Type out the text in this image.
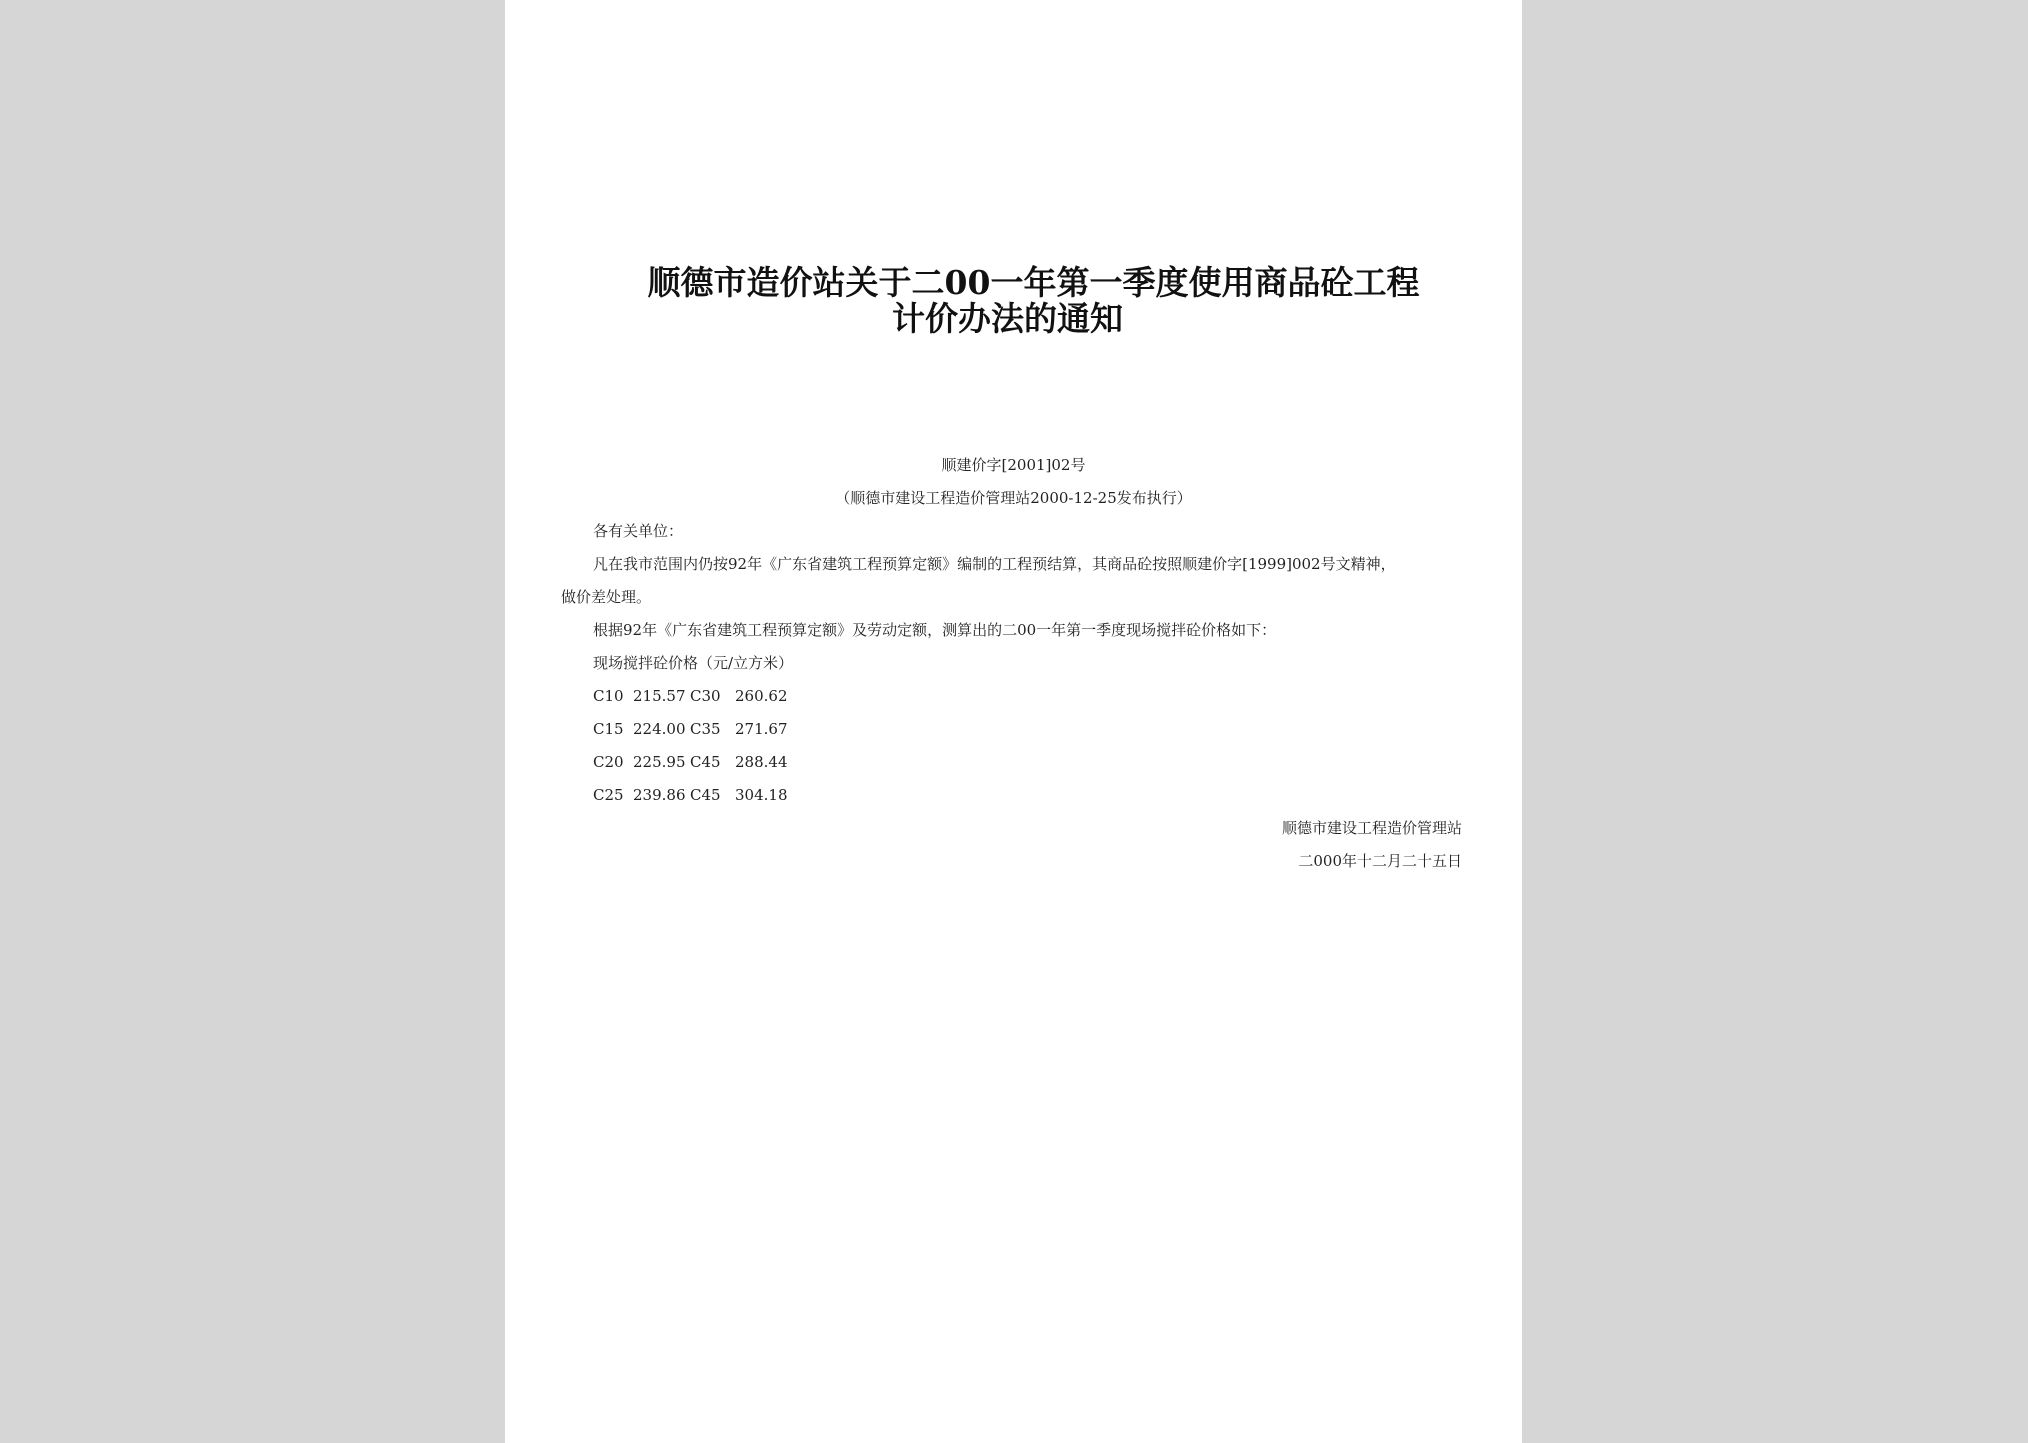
顺德市造价站关于二00一年第一季度使用商品砼工程
计价办法的通知
顺建价字[2001]02号
（顺德市建设工程造价管理站2000-12-25发布执行）
各有关单位：
凡在我市范围内仍按92年《广东省建筑工程预算定额》编制的工程预结算，其商品砼按照顺建价字[1999]002号文精神，
做价差处理。
根据92年《广东省建筑工程预算定额》及劳动定额，测算出的二00一年第一季度现场搅拌砼价格如下：
现场搅拌砼价格（元/立方米）
C10 215.57 C30 260.62
C15 224.00 C35 271.67
C20 225.95 C45 288.44
C25 239.86 C45 304.18
顺德市建设工程造价管理站
二000年十二月二十五日
